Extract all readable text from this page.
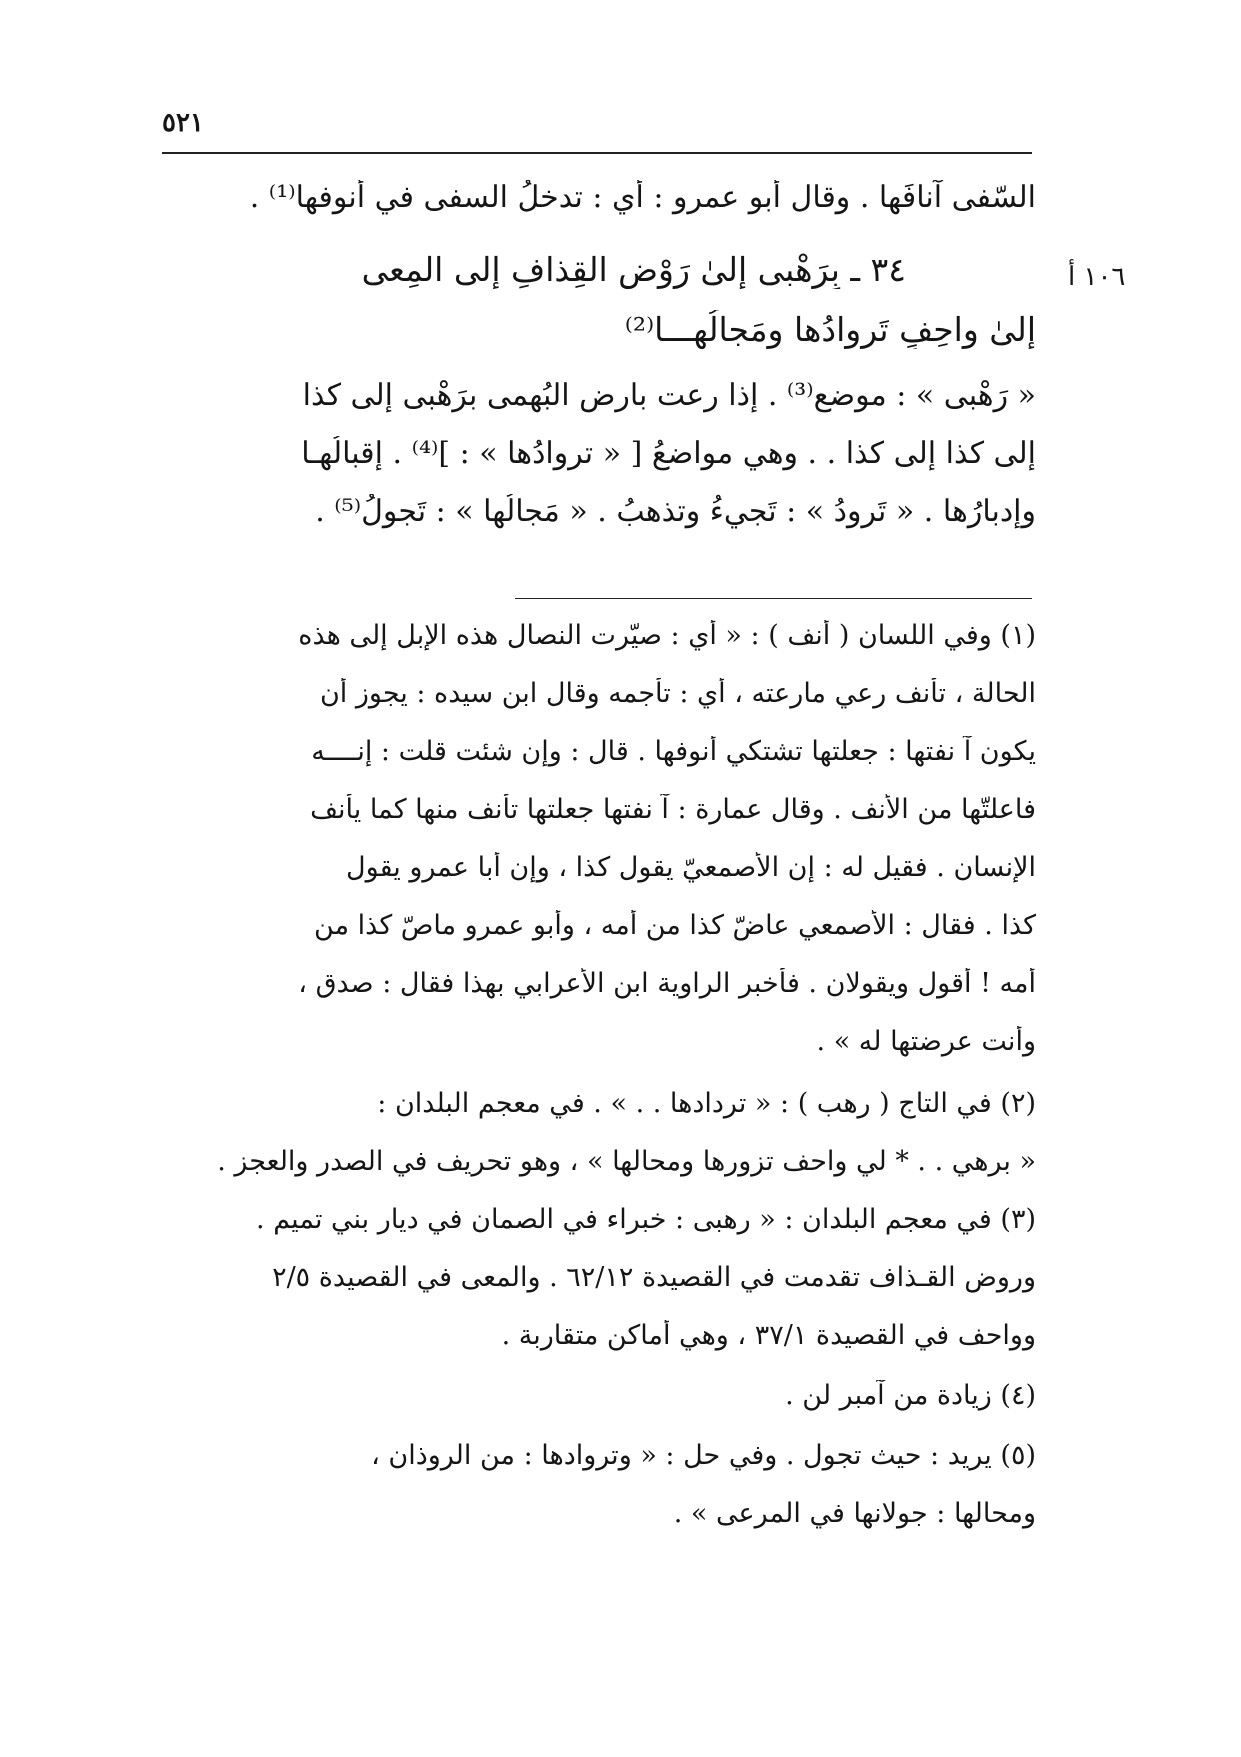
٥٢١
١٠٦ أ
السّفى آنافَها . وقال أبو عمرو : أي : تدخلُ السفى في أُنوفها⁽¹⁾ .
٣٤ ـ بِرَهْبى إلىٰ رَوْضِ القِذافِ إلى المِعى
إلىٰ واحِفٍ تَروادُها ومَجالُهـــا⁽²⁾
« رَهْبى » : موضع⁽³⁾ . إذا رعت بارض البُهمى برَهْبى إلى كذا
إلى كذا إلى كذا . . وهي مواضعُ [ « تروادُها » : ]⁽⁴⁾ . إقبالُهـا
وإدبارُها . « تَرودُ » : تَجيءُ وتذهبُ . « مَجالُها » : تَجولُ⁽⁵⁾ .
(١) وفي اللسان ( أنف ) : « أي : صيّرت النصال هذه الإبل إلى هذه
الحالة ، تأنف رعي مارعته ، أي : تأجمه وقال ابن سيده : يجوز أن
يكون آ نفتها : جعلتها تشتكي أنوفها . قال : وإن شئت قلت : إنــــه
فاعلتّها من الأنف . وقال عمارة : آ نفتها جعلتها تأنف منها كما يأنف
الإنسان . فقيل له : إن الأصمعيّ يقول كذا ، وإن أبا عمرو يقول
كذا . فقال : الأصمعي عاضّ كذا من أمه ، وأبو عمرو ماصّ كذا من
أمه ! أقول ويقولان . فأخبر الراوية ابن الأعرابي بهذا فقال : صدق ،
وأنت عرضتها له » .
(٢) في التاج ( رهب ) : « تردادها . . » . في معجم البلدان :
« برهي . . * لي واحف تزورها ومحالها » ، وهو تحريف في الصدر والعجز .
(٣) في معجم البلدان : « رهبى : خبراء في الصمان في ديار بني تميم .
وروض القـذاف تقدمت في القصيدة ٦٢/١٢ . والمعى في القصيدة ٢/٥
وواحف في القصيدة ٣٧/١ ، وهي أماكن متقاربة .
(٤) زيادة من آمبر لن .
(٥) يريد : حيث تجول . وفي حل : « وتروادها : من الروذان ،
ومحالها : جولانها في المرعى » .
